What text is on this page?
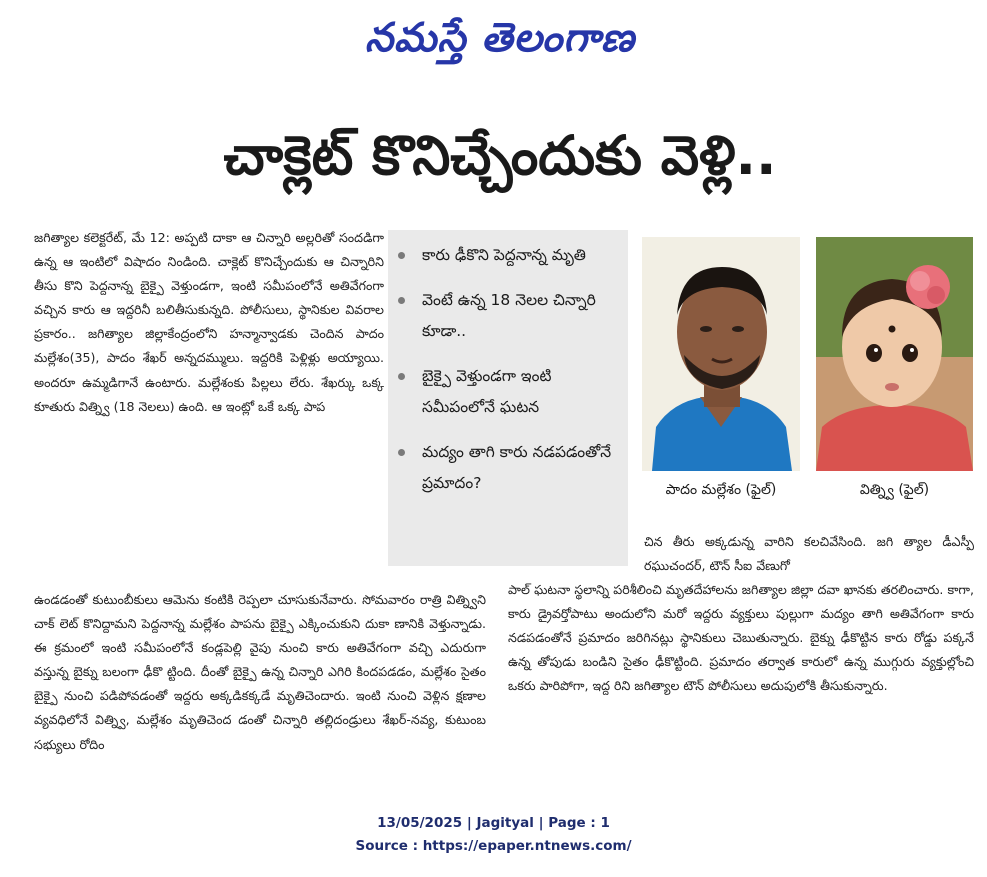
నమస్తే తెలంగాణ
చాక్లెట్ కొనిచ్చేందుకు వెళ్లి..

జగిత్యాల కలెక్టరేట్, మే 12: అప్పటి దాకా ఆ చిన్నారి అల్లరితో సందడిగా ఉన్న ఆ ఇంటిలో విషాదం నిండింది. చాక్లెట్ కొనిచ్చేందుకు ఆ చిన్నారిని తీసు కొని పెద్దనాన్న బైక్పై వెళ్తుండగా, ఇంటి సమీపంలోనే అతివేగంగా వచ్చిన కారు ఆ ఇద్దరినీ బలితీసుకున్నది. పోలీసులు, స్థానికుల వివరాల ప్రకారం.. జగిత్యాల జిల్లాకేంద్రంలోని హన్మాన్వాడకు చెందిన పాదం మల్లేశం(35), పాదం శేఖర్ అన్నదమ్ములు. ఇద్దరికి పెళ్లిళ్లు అయ్యాయి. అందరూ ఉమ్మడిగానే ఉంటారు. మల్లేశంకు పిల్లలు లేరు. శేఖర్కు ఒక్క కూతురు విత్న్వి (18 నెలలు) ఉంది. ఆ ఇంట్లో ఒకే ఒక్క పాప

కారు ఢీకొని పెద్దనాన్న మృతి
వెంటే ఉన్న 18 నెలల చిన్నారి కూడా..
బైక్పై వెళ్తుండగా ఇంటి సమీపంలోనే ఘటన
మద్యం తాగి కారు నడపడంతోనే ప్రమాదం?	పాదం మల్లేశం (ఫైల్)	విత్న్వి (ఫైల్)

ఉండడంతో కుటుంబీకులు ఆమెను కంటికి రెప్పలా చూసుకునేవారు. సోమవారం రాత్రి విత్న్విని చాక్ లెట్ కొనిద్దామని పెద్దనాన్న మల్లేశం పాపను బైక్పై ఎక్కించుకుని దుకా ణానికి వెళ్తున్నాడు. ఈ క్రమంలో ఇంటి సమీపంలోనే కండ్లపెల్లి వైపు నుంచి కారు అతివేగంగా వచ్చి ఎదురుగా వస్తున్న బైక్ను బలంగా ఢీకొ ట్టింది. దీంతో బైక్పై ఉన్న చిన్నారి ఎగిరి కిందపడడం, మల్లేశం సైతం బైక్పై నుంచి పడిపోవడంతో ఇద్దరు అక్కడికక్కడే మృతిచెందారు. ఇంటి నుంచి వెళ్లిన క్షణాల వ్యవధిలోనే విత్న్వి, మల్లేశం మృతిచెంద డంతో చిన్నారి తల్లిదండ్రులు శేఖర్-నవ్య, కుటుంబ సభ్యులు రోదిం

చిన తీరు అక్కడున్న వారిని కలచివేసింది. జగి త్యాల డీఎస్పీ రఘుచందర్, టౌన్ సీఐ వేణుగో

పాల్ ఘటనా స్థలాన్ని పరిశీలించి మృతదేహాలను జగిత్యాల జిల్లా దవా ఖానకు తరలించారు. కాగా, కారు డ్రైవర్తోపాటు అందులోని మరో ఇద్దరు వ్యక్తులు పుల్లుగా మద్యం తాగి అతివేగంగా కారు నడపడంతోనే ప్రమాదం జరిగినట్లు స్థానికులు చెబుతున్నారు. బైక్ను ఢీకొట్టిన కారు రోడ్డు పక్కనే ఉన్న తోపుడు బండిని సైతం ఢీకొట్టింది. ప్రమాదం తర్వాత కారులో ఉన్న ముగ్గురు వ్యక్తుల్లోంచి ఒకరు పారిపోగా, ఇద్ద రిని జగిత్యాల టౌన్ పోలీసులు అదుపులోకి తీసుకున్నారు.

13/05/2025 | Jagityal | Page : 1
Source : https://epaper.ntnews.com/
